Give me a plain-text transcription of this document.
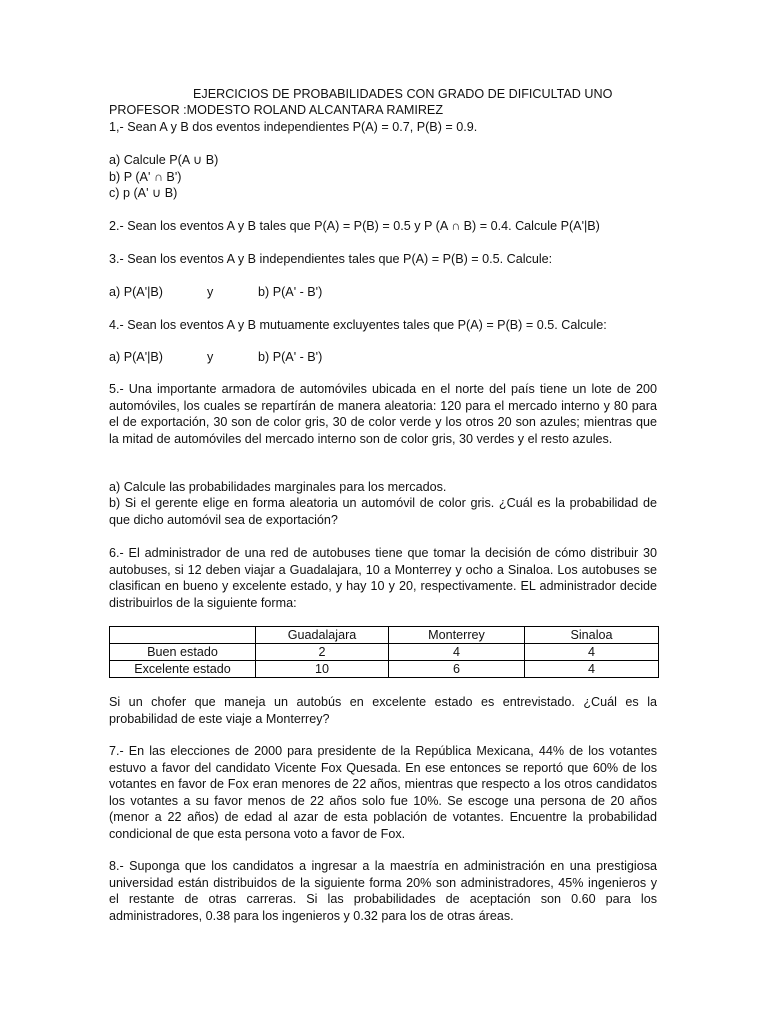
EJERCICIOS DE PROBABILIDADES CON GRADO DE DIFICULTAD UNO
PROFESOR :MODESTO ROLAND ALCANTARA RAMIREZ
1,- Sean A y B dos eventos independientes P(A) = 0.7, P(B) = 0.9.
a) Calcule P(A ∪ B)
b) P (A' ∩ B')
c) p (A' ∪ B)
2.- Sean los eventos A y B tales que P(A) = P(B) = 0.5 y P (A ∩ B) = 0.4. Calcule P(A'|B)
3.- Sean los eventos A y B independientes tales que P(A) = P(B) = 0.5. Calcule:
a) P(A'|B)	y	b) P(A' - B')
4.- Sean los eventos A y B mutuamente excluyentes tales que P(A) = P(B) = 0.5. Calcule:
a) P(A'|B)	y	b) P(A' - B')
5.- Una importante armadora de automóviles ubicada en el norte del país tiene un lote de 200 automóviles, los cuales se repartírán de manera aleatoria: 120 para el mercado interno y 80 para el de exportación, 30 son de color gris, 30 de color verde y los otros 20 son azules; mientras que la mitad de automóviles del mercado interno son de color gris, 30 verdes y el resto azules.
a) Calcule las probabilidades marginales para los mercados.
b) Si el gerente elige en forma aleatoria un automóvil de color gris. ¿Cuál es la probabilidad de que dicho automóvil sea de exportación?
6.- El administrador de una red de autobuses tiene que tomar la decisión de cómo distribuir 30 autobuses, si 12 deben viajar a Guadalajara, 10 a Monterrey y ocho a Sinaloa. Los autobuses se clasifican en bueno y excelente estado, y hay 10 y 20, respectivamente. EL administrador decide distribuirlos de la siguiente forma:
	Guadalajara	Monterrey	Sinaloa
Buen estado	2	4	4
Excelente estado	10	6	4
Si un chofer que maneja un autobús en excelente estado es entrevistado. ¿Cuál es la probabilidad de este viaje a Monterrey?
7.- En las elecciones de 2000 para presidente de la República Mexicana, 44% de los votantes estuvo a favor del candidato Vicente Fox Quesada. En ese entonces se reportó que 60% de los votantes en favor de Fox eran menores de 22 años, mientras que respecto a los otros candidatos los votantes a su favor menos de 22 años solo fue 10%. Se escoge una persona de 20 años (menor a 22 años) de edad al azar de esta población de votantes. Encuentre la probabilidad condicional de que esta persona voto a favor de Fox.
8.- Suponga que los candidatos a ingresar a la maestría en administración en una prestigiosa universidad están distribuidos de la siguiente forma 20% son administradores, 45% ingenieros y el restante de otras carreras. Si las probabilidades de aceptación son 0.60 para los administradores, 0.38 para los ingenieros y 0.32 para los de otras áreas.
